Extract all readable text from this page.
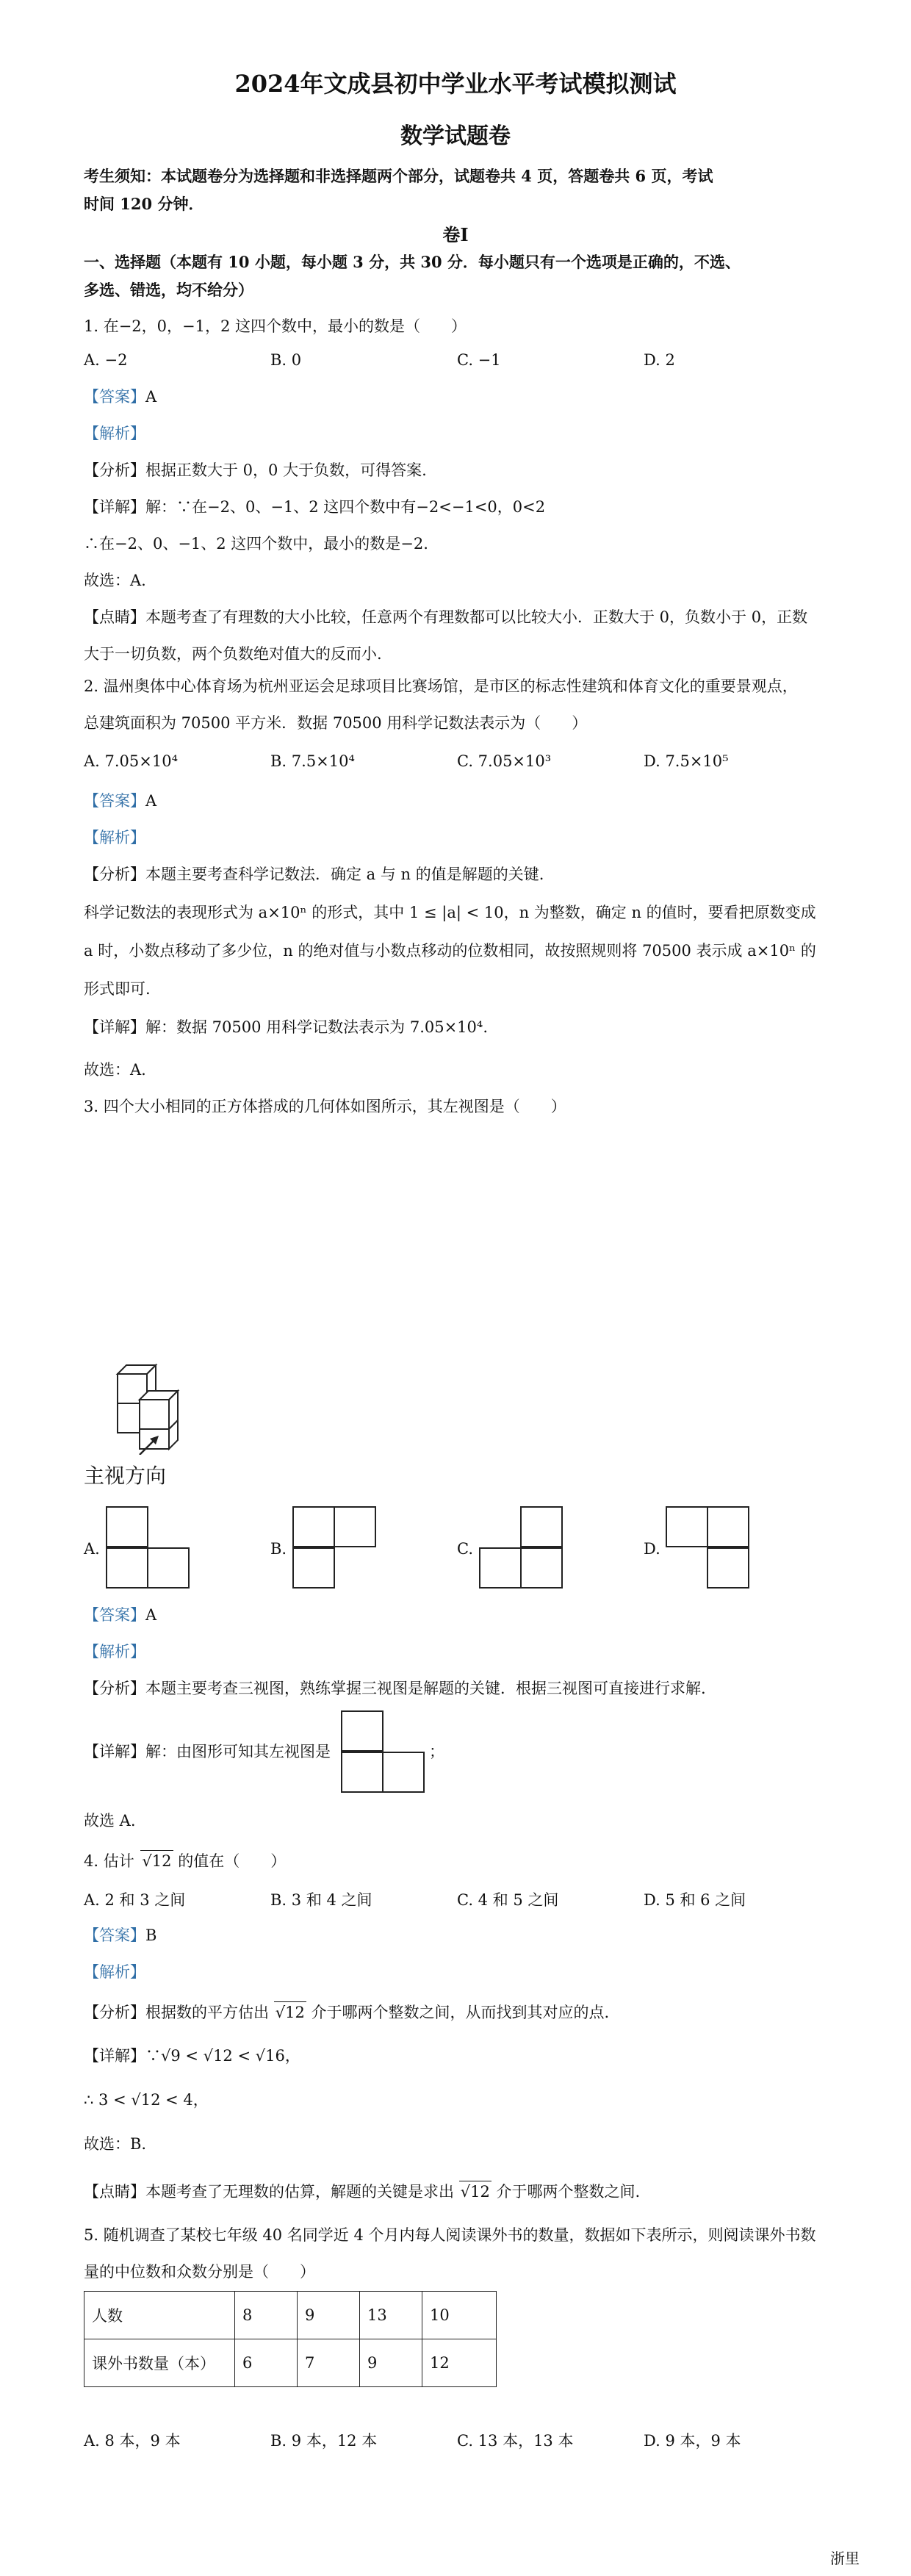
2024年文成县初中学业水平考试模拟测试
数学试题卷
考生须知：本试题卷分为选择题和非选择题两个部分，试题卷共 4 页，答题卷共 6 页，考试
时间 120 分钟．
卷Ⅰ
一、选择题（本题有 10 小题，每小题 3 分，共 30 分．每小题只有一个选项是正确的，不选、
多选、错选，均不给分）
1. 在−2，0，−1，2 这四个数中，最小的数是（　　）
A. −2	B. 0	C. −1	D. 2
【答案】A
【解析】
【分析】根据正数大于 0，0 大于负数，可得答案.
【详解】解：∵在−2、0、−1、2 这四个数中有−2<−1<0，0<2
∴在−2、0、−1、2 这四个数中，最小的数是−2.
故选：A.
【点睛】本题考查了有理数的大小比较，任意两个有理数都可以比较大小．正数大于 0，负数小于 0，正数
大于一切负数，两个负数绝对值大的反而小.
2. 温州奥体中心体育场为杭州亚运会足球项目比赛场馆，是市区的标志性建筑和体育文化的重要景观点，
总建筑面积为 70500 平方米．数据 70500 用科学记数法表示为（　　）
A. 7.05×10⁴	B. 7.5×10⁴	C. 7.05×10³	D. 7.5×10⁵
【答案】A
【解析】
【分析】本题主要考查科学记数法．确定 a 与 n 的值是解题的关键.
科学记数法的表现形式为 a×10ⁿ 的形式，其中 1 ≤ |a| < 10，n 为整数，确定 n 的值时，要看把原数变成
a 时，小数点移动了多少位，n 的绝对值与小数点移动的位数相同，故按照规则将 70500 表示成 a×10ⁿ 的
形式即可.
【详解】解：数据 70500 用科学记数法表示为 7.05×10⁴.
故选：A.
3. 四个大小相同的正方体搭成的几何体如图所示，其左视图是（　　）
主视方向
A.	B.	C.	D.
【答案】A
【解析】
【分析】本题主要考查三视图，熟练掌握三视图是解题的关键．根据三视图可直接进行求解.
【详解】解：由图形可知其左视图是	；
故选 A.
4. 估计 √12 的值在（　　）
A. 2 和 3 之间	B. 3 和 4 之间	C. 4 和 5 之间	D. 5 和 6 之间
【答案】B
【解析】
【分析】根据数的平方估出 √12 介于哪两个整数之间，从而找到其对应的点.
【详解】∵√9 < √12 < √16，
∴ 3 < √12 < 4，
故选：B.
【点睛】本题考查了无理数的估算，解题的关键是求出 √12 介于哪两个整数之间.
5. 随机调查了某校七年级 40 名同学近 4 个月内每人阅读课外书的数量，数据如下表所示，则阅读课外书数
量的中位数和众数分别是（　　）
人数	8	9	13	10
课外书数量（本）	6	7	9	12
A. 8 本，9 本	B. 9 本，12 本	C. 13 本，13 本	D. 9 本，9 本
浙里
